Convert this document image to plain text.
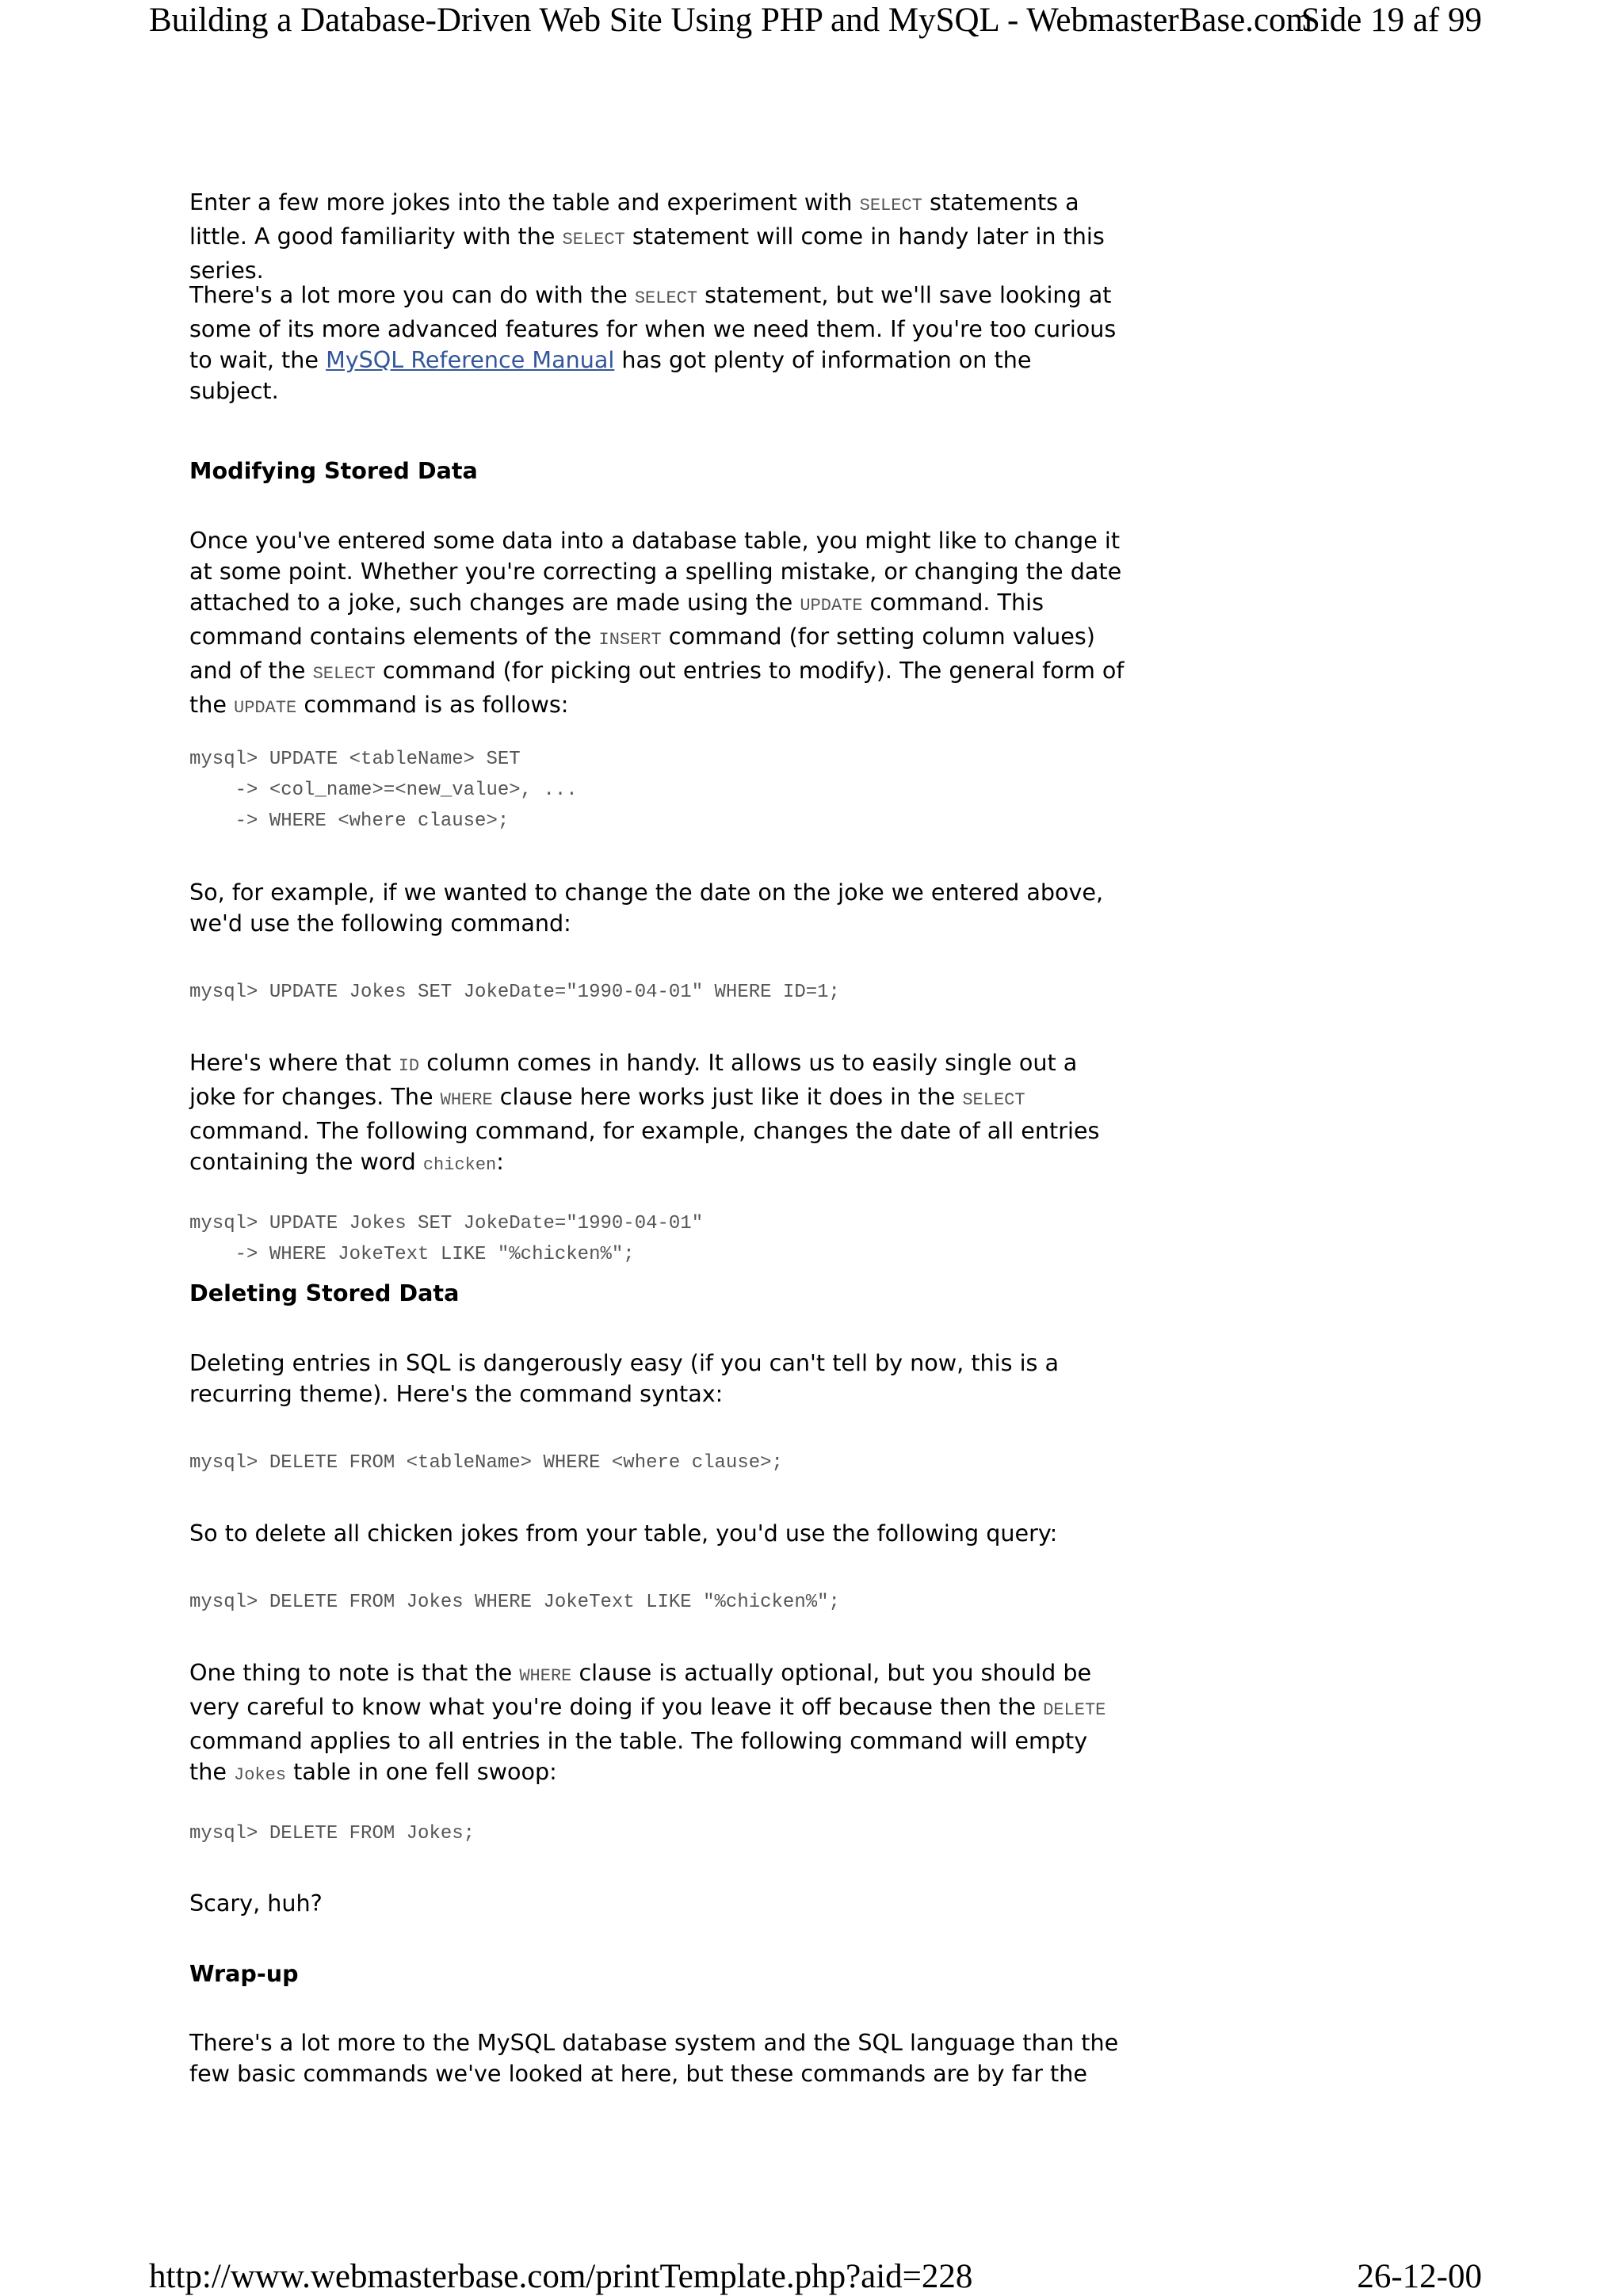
Building a Database-Driven Web Site Using PHP and MySQL - WebmasterBase.com
Side 19 af 99
Enter a few more jokes into the table and experiment with SELECT statements a little. A good familiarity with the SELECT statement will come in handy later in this series.
There's a lot more you can do with the SELECT statement, but we'll save looking at some of its more advanced features for when we need them. If you're too curious to wait, the MySQL Reference Manual has got plenty of information on the subject.
Modifying Stored Data
Once you've entered some data into a database table, you might like to change it at some point. Whether you're correcting a spelling mistake, or changing the date attached to a joke, such changes are made using the UPDATE command. This command contains elements of the INSERT command (for setting column values) and of the SELECT command (for picking out entries to modify). The general form of the UPDATE command is as follows:
mysql> UPDATE <tableName> SET
-> <col_name>=<new_value>, ...
-> WHERE <where clause>;
So, for example, if we wanted to change the date on the joke we entered above, we'd use the following command:
mysql> UPDATE Jokes SET JokeDate="1990-04-01" WHERE ID=1;
Here's where that ID column comes in handy. It allows us to easily single out a joke for changes. The WHERE clause here works just like it does in the SELECT command. The following command, for example, changes the date of all entries containing the word chicken:
mysql> UPDATE Jokes SET JokeDate="1990-04-01"
-> WHERE JokeText LIKE "%chicken%";
Deleting Stored Data
Deleting entries in SQL is dangerously easy (if you can't tell by now, this is a recurring theme). Here's the command syntax:
mysql> DELETE FROM <tableName> WHERE <where clause>;
So to delete all chicken jokes from your table, you'd use the following query:
mysql> DELETE FROM Jokes WHERE JokeText LIKE "%chicken%";
One thing to note is that the WHERE clause is actually optional, but you should be very careful to know what you're doing if you leave it off because then the DELETE command applies to all entries in the table. The following command will empty the Jokes table in one fell swoop:
mysql> DELETE FROM Jokes;
Scary, huh?
Wrap-up
There's a lot more to the MySQL database system and the SQL language than the few basic commands we've looked at here, but these commands are by far the
http://www.webmasterbase.com/printTemplate.php?aid=228	26-12-00
